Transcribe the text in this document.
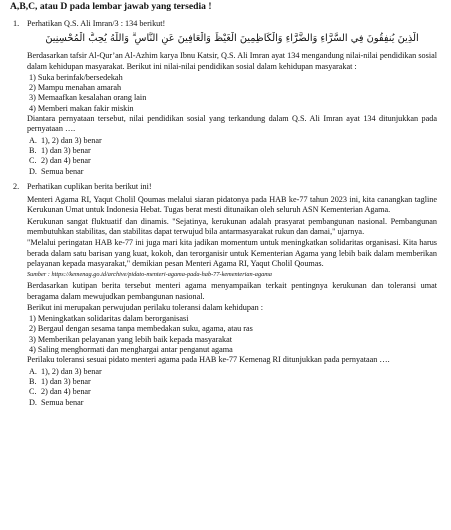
A,B,C, atau D pada lembar jawab yang tersedia !
1. Perhatikan Q.S. Ali Imran/3 : 134 berikut!
الَّذِينَ يُنفِقُونَ فِي السَّرَّاءِ وَالضَّرَّاءِ وَالْكَاظِمِينَ الْغَيْظَ وَالْعَافِينَ عَنِ النَّاسِ ۗ وَاللَّهُ يُحِبُّ الْمُحْسِنِينَ
Berdasarkan tafsir Al-Qur’an Al-Azhim karya Ibnu Katsir, Q.S. Ali Imran ayat 134 mengandung nilai-nilai pendidikan sosial dalam kehidupan masyarakat. Berikut ini nilai-nilai pendidikan sosial dalam kehidupan masyarakat :
1) Suka berinfak/bersedekah
2) Mampu menahan amarah
3) Memaafkan kesalahan orang lain
4) Memberi makan fakir miskin
Diantara pernyataan tersebut, nilai pendidikan sosial yang terkandung dalam Q.S. Ali Imran ayat 134 ditunjukkan pada pernyataan ….
A. 1), 2) dan 3) benar
B. 1) dan 3) benar
C. 2) dan 4) benar
D. Semua benar
2. Perhatikan cuplikan berita berikut ini!
Menteri Agama RI, Yaqut Cholil Qoumas melalui siaran pidatonya pada HAB ke-77 tahun 2023 ini, kita canangkan tagline Kerukunan Umat untuk Indonesia Hebat. Tugas berat mesti ditunaikan oleh seluruh ASN Kementerian Agama.
Kerukunan sangat fluktuatif dan dinamis. "Sejatinya, kerukunan adalah prasyarat pembangunan nasional. Pembangunan membutuhkan stabilitas, dan stabilitas dapat terwujud bila antarmasyarakat rukun dan damai," ujarnya.
"Melalui peringatan HAB ke-77 ini juga mari kita jadikan momentum untuk meningkatkan solidaritas organisasi. Kita harus berada dalam satu barisan yang kuat, kokoh, dan terorganisir untuk Kementerian Agama yang lebih baik dalam memberikan pelayanan kepada masyarakat," demikian pesan Menteri Agama RI, Yaqut Cholil Qoumas.
Sumber : https://kemenag.go.id/archive/pidato-menteri-agama-pada-hab-77-kementerian-agama
Berdasarkan kutipan berita tersebut menteri agama menyampaikan terkait pentingnya kerukunan dan toleransi umat beragama dalam mewujudkan pembangunan nasional.
Berikut ini merupakan perwujudan perilaku toleransi dalam kehidupan :
1) Meningkatkan solidaritas dalam berorganisasi
2) Bergaul dengan sesama tanpa membedakan suku, agama, atau ras
3) Memberikan pelayanan yang lebih baik kepada masyarakat
4) Saling menghormati dan menghargai antar penganut agama
Perilaku toleransi sesuai pidato menteri agama pada HAB ke-77 Kemenag RI ditunjukkan pada pernyataan ….
A. 1), 2) dan 3) benar
B. 1) dan 3) benar
C. 2) dan 4) benar
D. Semua benar
